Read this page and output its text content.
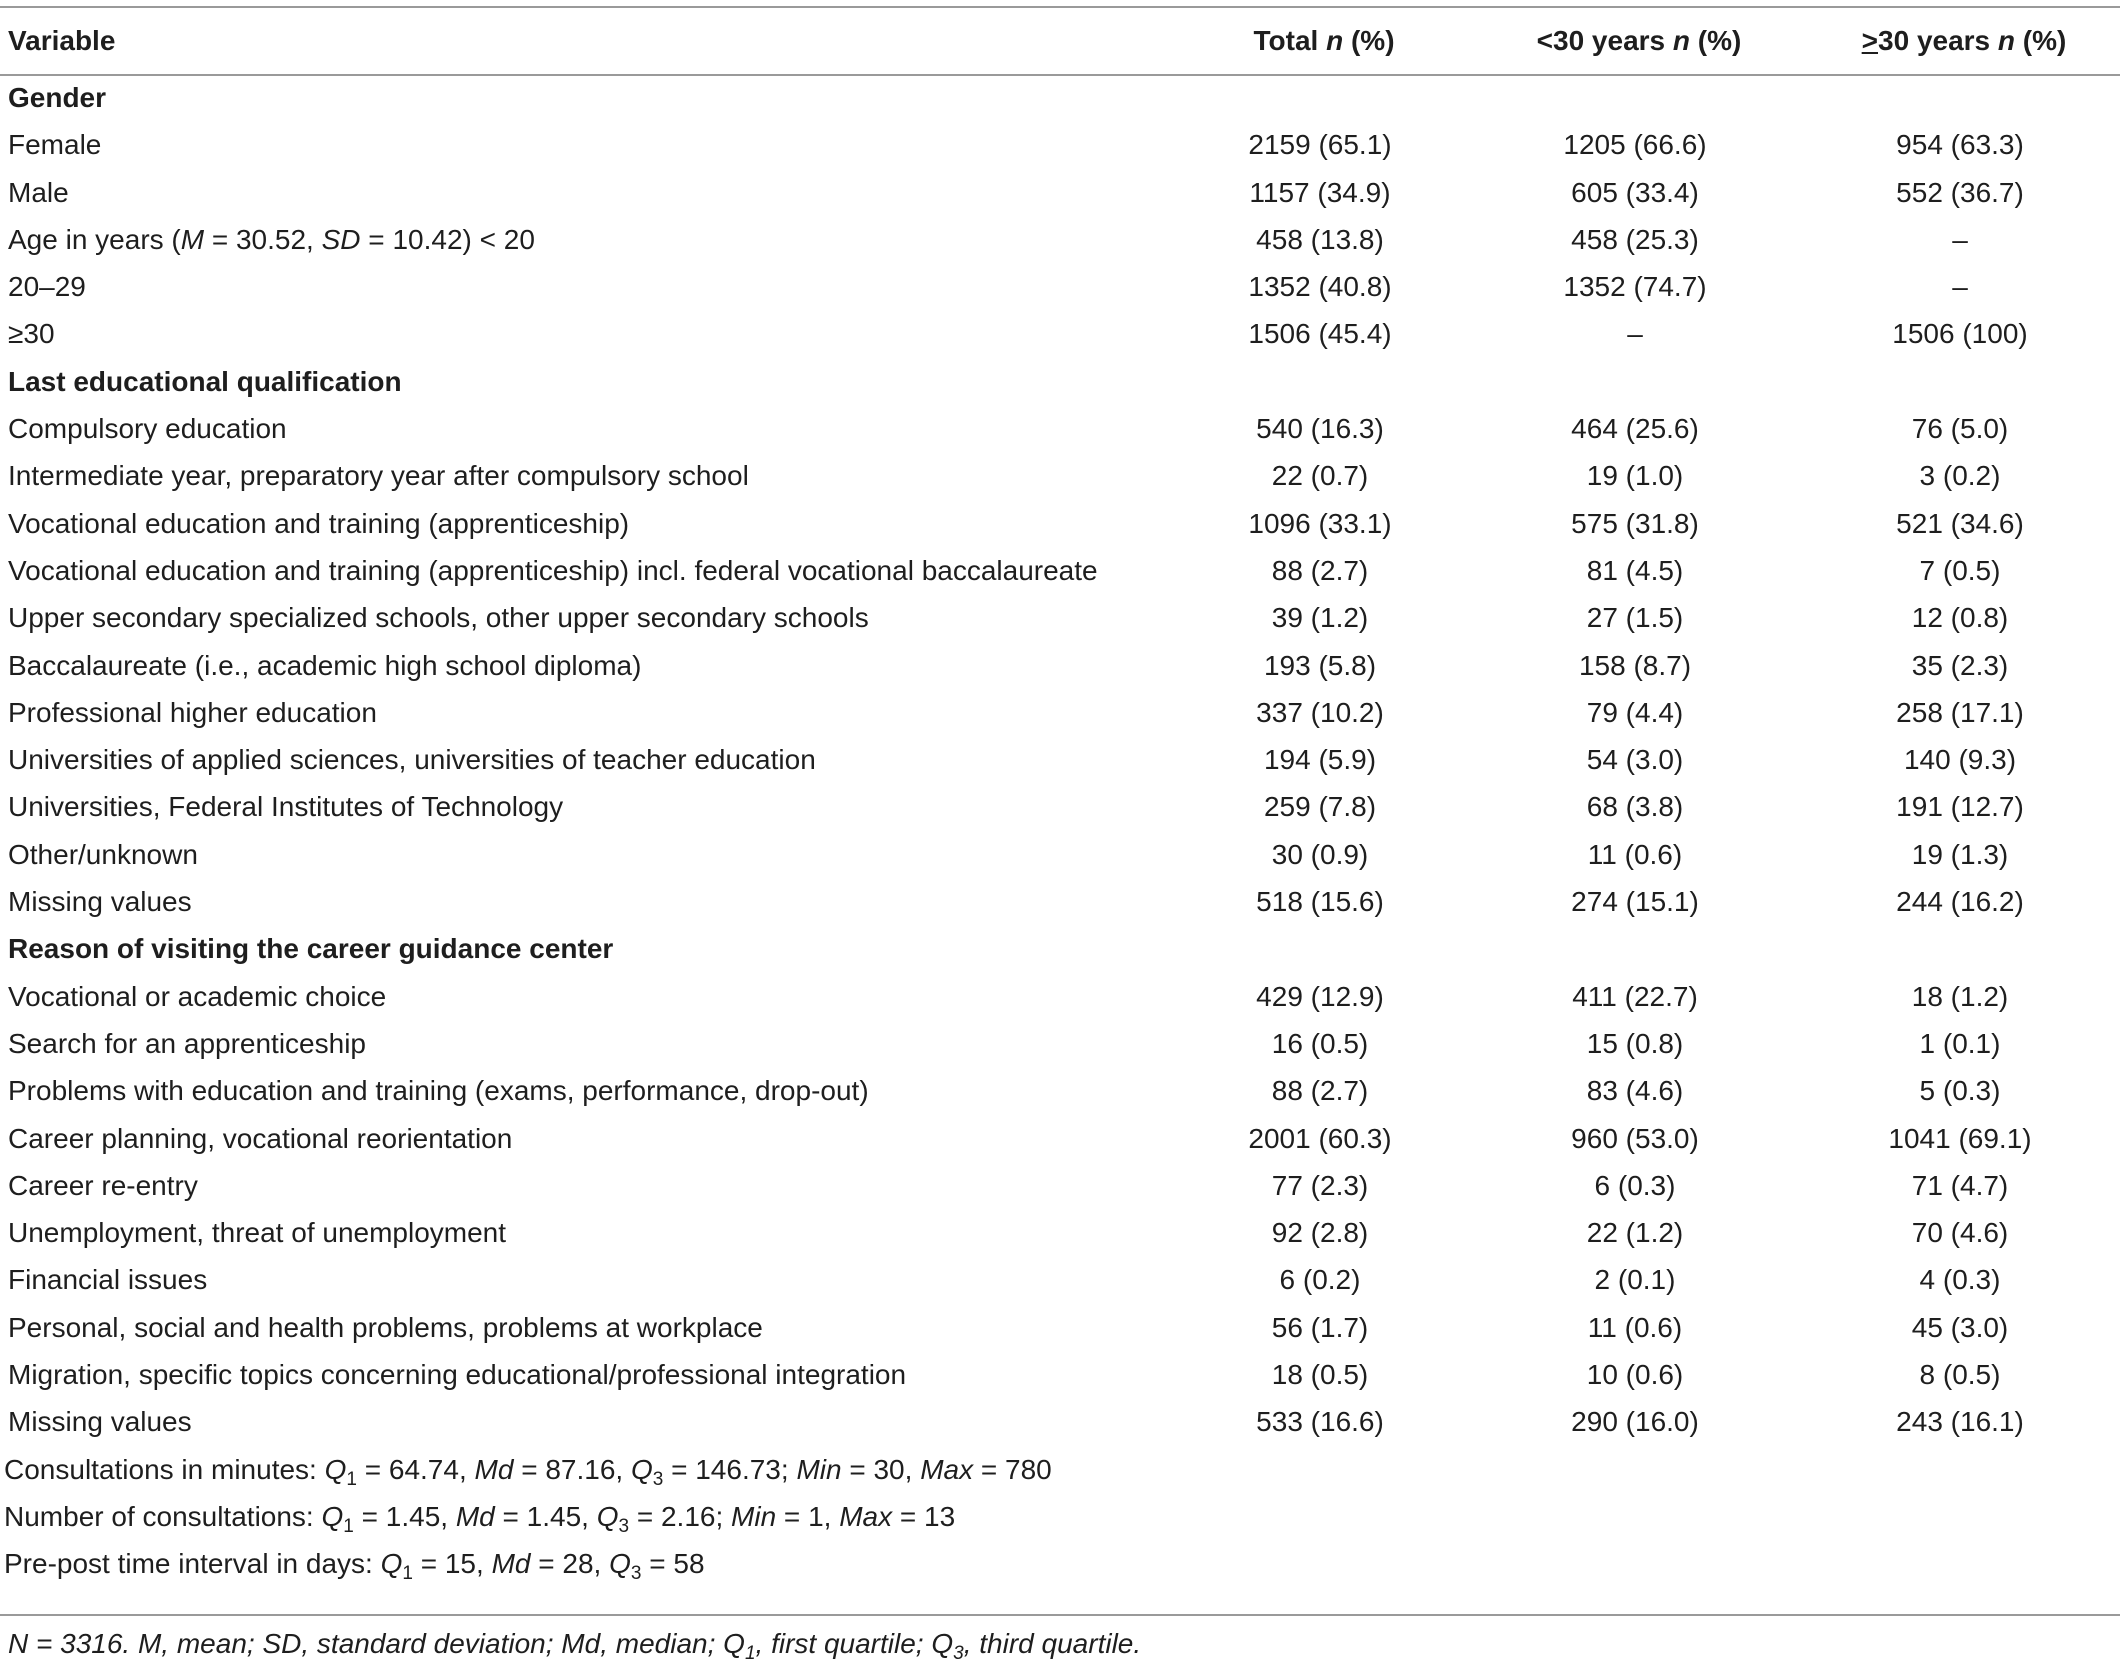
Variable	Total n (%)	<30 years n (%)	>30 years n (%)
Gender			
Female	2159 (65.1)	1205 (66.6)	954 (63.3)
Male	1157 (34.9)	605 (33.4)	552 (36.7)
Age in years (M = 30.52, SD = 10.42) < 20	458 (13.8)	458 (25.3)	–
20–29	1352 (40.8)	1352 (74.7)	–
≥30	1506 (45.4)	–	1506 (100)
Last educational qualification			
Compulsory education	540 (16.3)	464 (25.6)	76 (5.0)
Intermediate year, preparatory year after compulsory school	22 (0.7)	19 (1.0)	3 (0.2)
Vocational education and training (apprenticeship)	1096 (33.1)	575 (31.8)	521 (34.6)
Vocational education and training (apprenticeship) incl. federal vocational baccalaureate	88 (2.7)	81 (4.5)	7 (0.5)
Upper secondary specialized schools, other upper secondary schools	39 (1.2)	27 (1.5)	12 (0.8)
Baccalaureate (i.e., academic high school diploma)	193 (5.8)	158 (8.7)	35 (2.3)
Professional higher education	337 (10.2)	79 (4.4)	258 (17.1)
Universities of applied sciences, universities of teacher education	194 (5.9)	54 (3.0)	140 (9.3)
Universities, Federal Institutes of Technology	259 (7.8)	68 (3.8)	191 (12.7)
Other/unknown	30 (0.9)	11 (0.6)	19 (1.3)
Missing values	518 (15.6)	274 (15.1)	244 (16.2)
Reason of visiting the career guidance center			
Vocational or academic choice	429 (12.9)	411 (22.7)	18 (1.2)
Search for an apprenticeship	16 (0.5)	15 (0.8)	1 (0.1)
Problems with education and training (exams, performance, drop-out)	88 (2.7)	83 (4.6)	5 (0.3)
Career planning, vocational reorientation	2001 (60.3)	960 (53.0)	1041 (69.1)
Career re-entry	77 (2.3)	6 (0.3)	71 (4.7)
Unemployment, threat of unemployment	92 (2.8)	22 (1.2)	70 (4.6)
Financial issues	6 (0.2)	2 (0.1)	4 (0.3)
Personal, social and health problems, problems at workplace	56 (1.7)	11 (0.6)	45 (3.0)
Migration, specific topics concerning educational/professional integration	18 (0.5)	10 (0.6)	8 (0.5)
Missing values	533 (16.6)	290 (16.0)	243 (16.1)
Consultations in minutes: $Q_1 = 64.74$, Md = 87.16, $Q_3 = 146.73$; Min = 30, Max = 780			
Number of consultations: $Q_1 = 1.45$, Md = 1.45, $Q_3 = 2.16$; Min = 1, Max = 13			
Pre-post time interval in days: $Q_1 = 15$, Md = 28, $Q_3 = 58$			
N = 3316. M, mean; SD, standard deviation; Md, median; $Q_1$, first quartile; $Q_3$, third quartile.
